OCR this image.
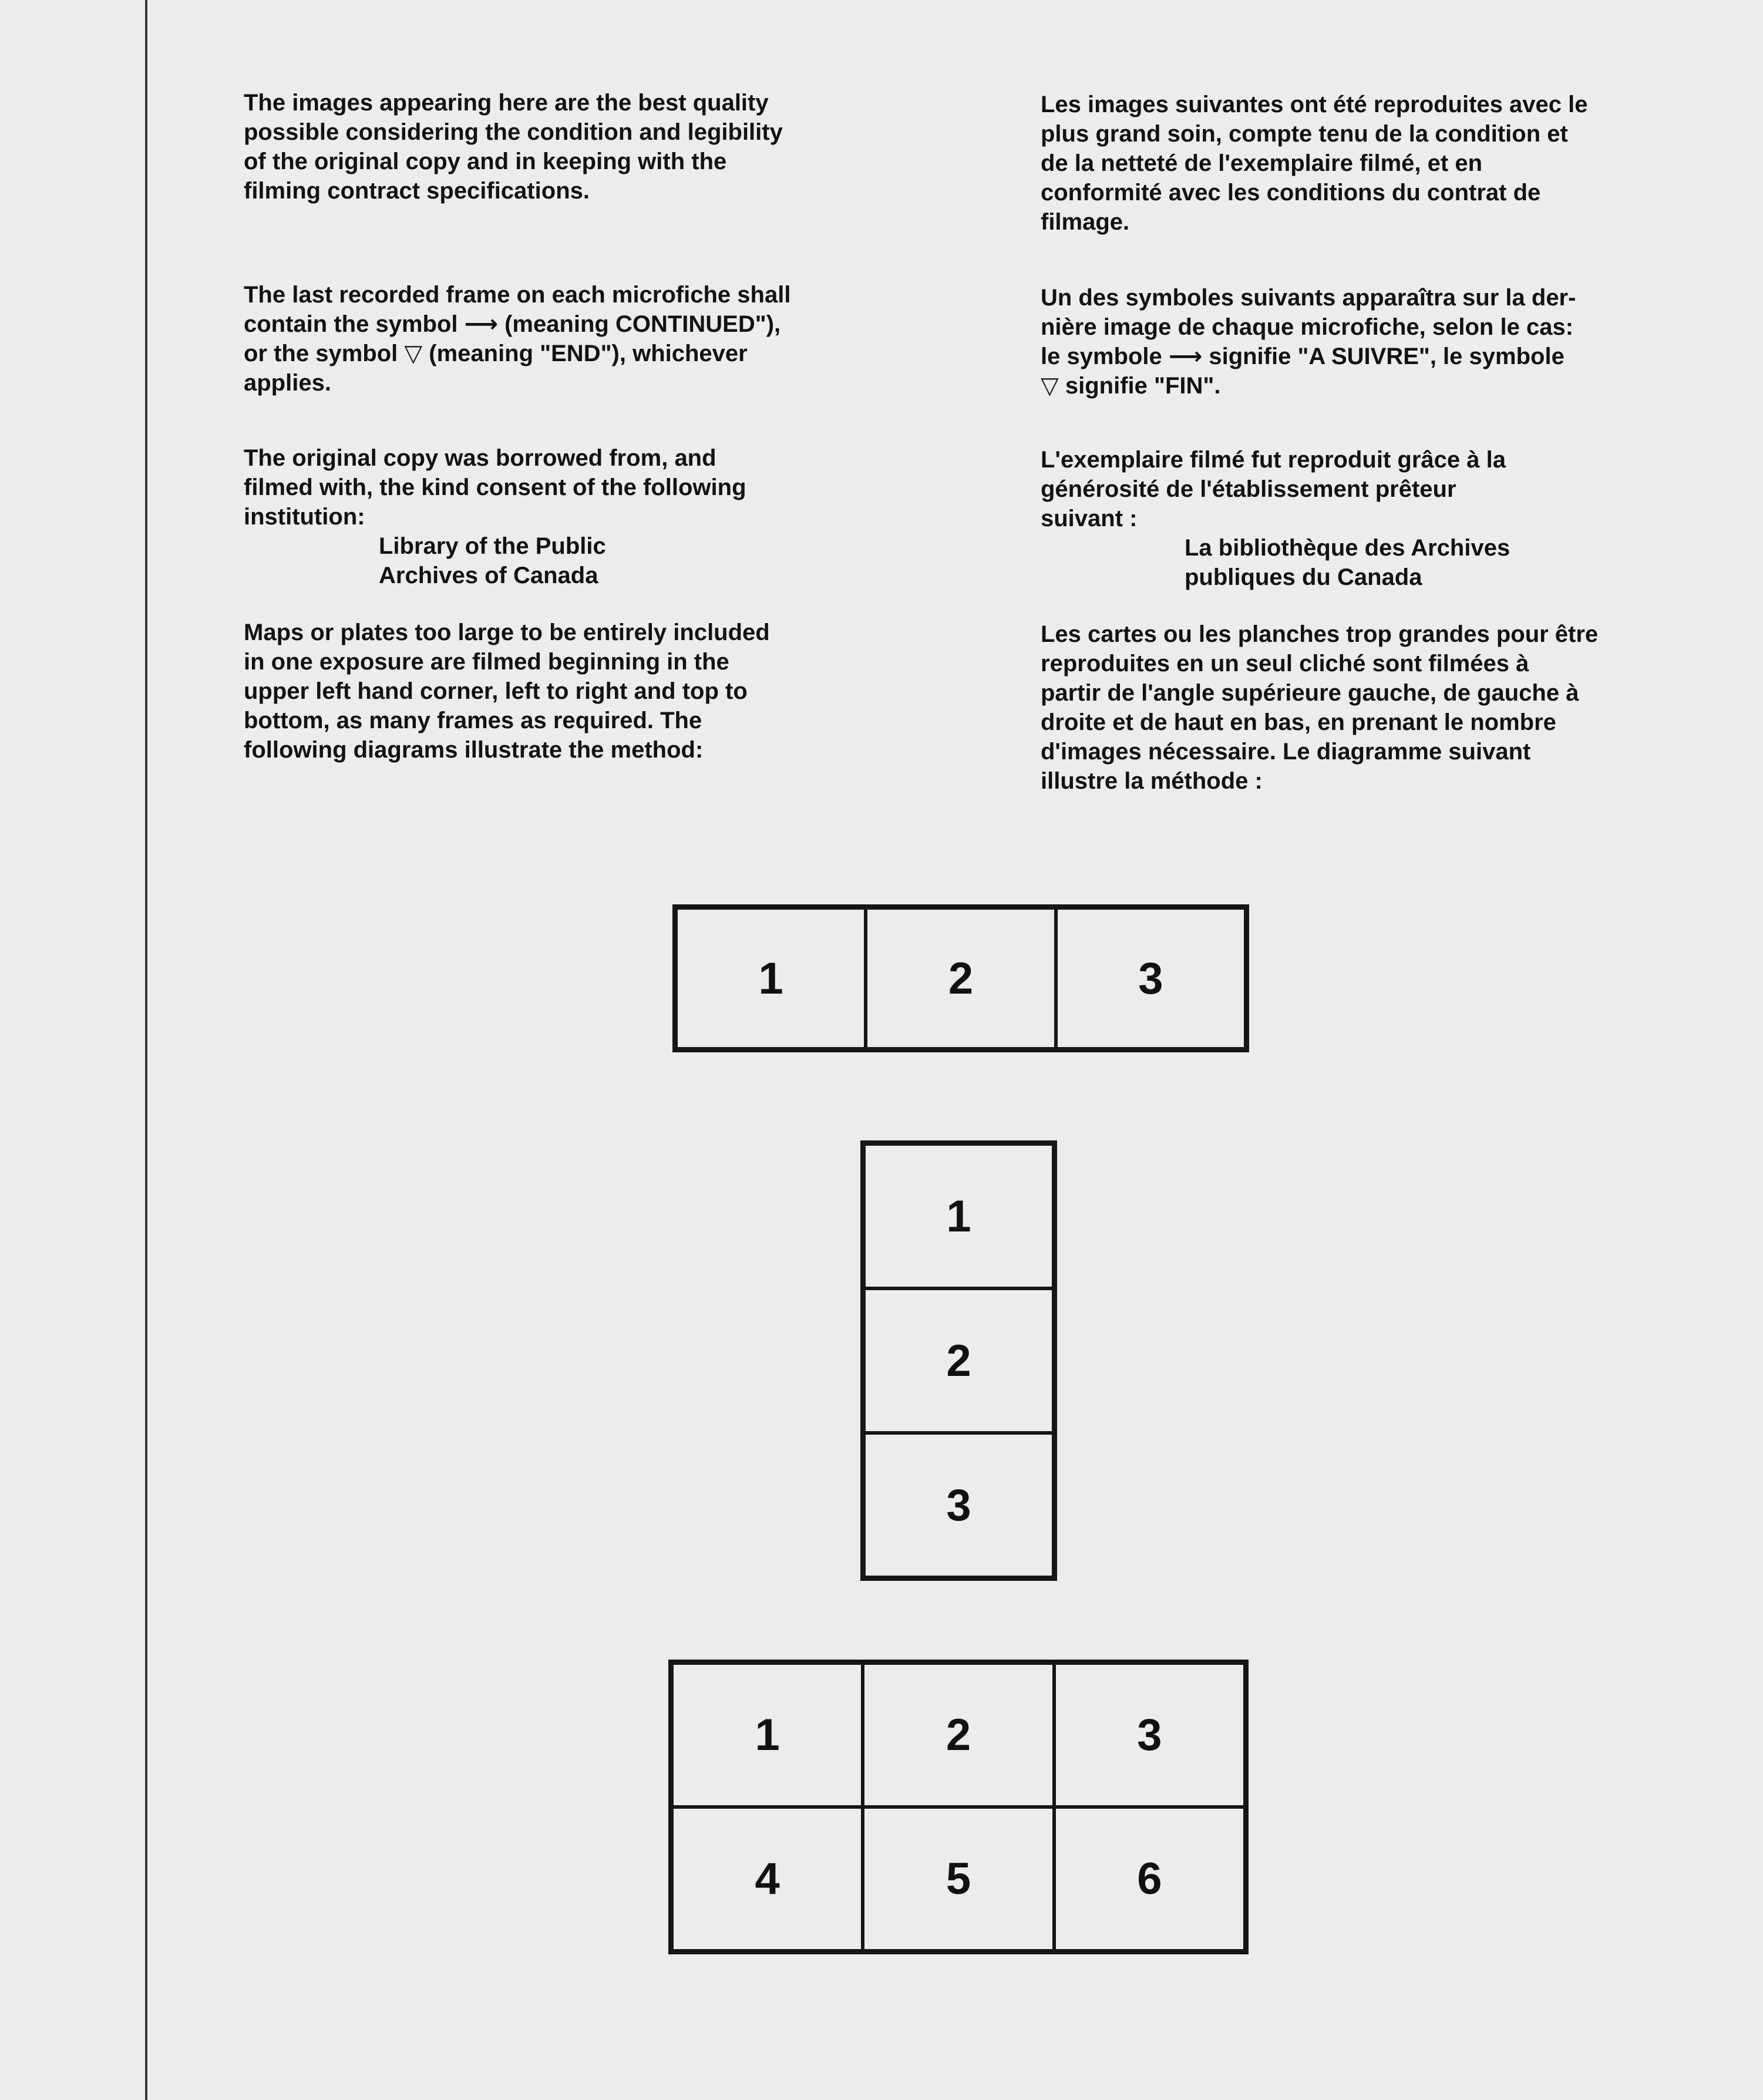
The images appearing here are the best quality
possible considering the condition and legibility
of the original copy and in keeping with the
filming contract specifications.

The last recorded frame on each microfiche shall
contain the symbol ⟶ (meaning CONTINUED"),
or the symbol ▽ (meaning "END"), whichever
applies.

The original copy was borrowed from, and
filmed with, the kind consent of the following
institution:

Library of the Public
Archives of Canada

Maps or plates too large to be entirely included
in one exposure are filmed beginning in the
upper left hand corner, left to right and top to
bottom, as many frames as required. The
following diagrams illustrate the method:

Les images suivantes ont été reproduites avec le
plus grand soin, compte tenu de la condition et
de la netteté de l'exemplaire filmé, et en
conformité avec les conditions du contrat de
filmage.

Un des symboles suivants apparaîtra sur la der-
nière image de chaque microfiche, selon le cas:
le symbole ⟶ signifie "A SUIVRE", le symbole
▽ signifie "FIN".

L'exemplaire filmé fut reproduit grâce à la
générosité de l'établissement prêteur
suivant :

La bibliothèque des Archives
publiques du Canada

Les cartes ou les planches trop grandes pour être
reproduites en un seul cliché sont filmées à
partir de l'angle supérieure gauche, de gauche à
droite et de haut en bas, en prenant le nombre
d'images nécessaire. Le diagramme suivant
illustre la méthode :

1	2	3
1
2
3
1	2	3
4	5	6
